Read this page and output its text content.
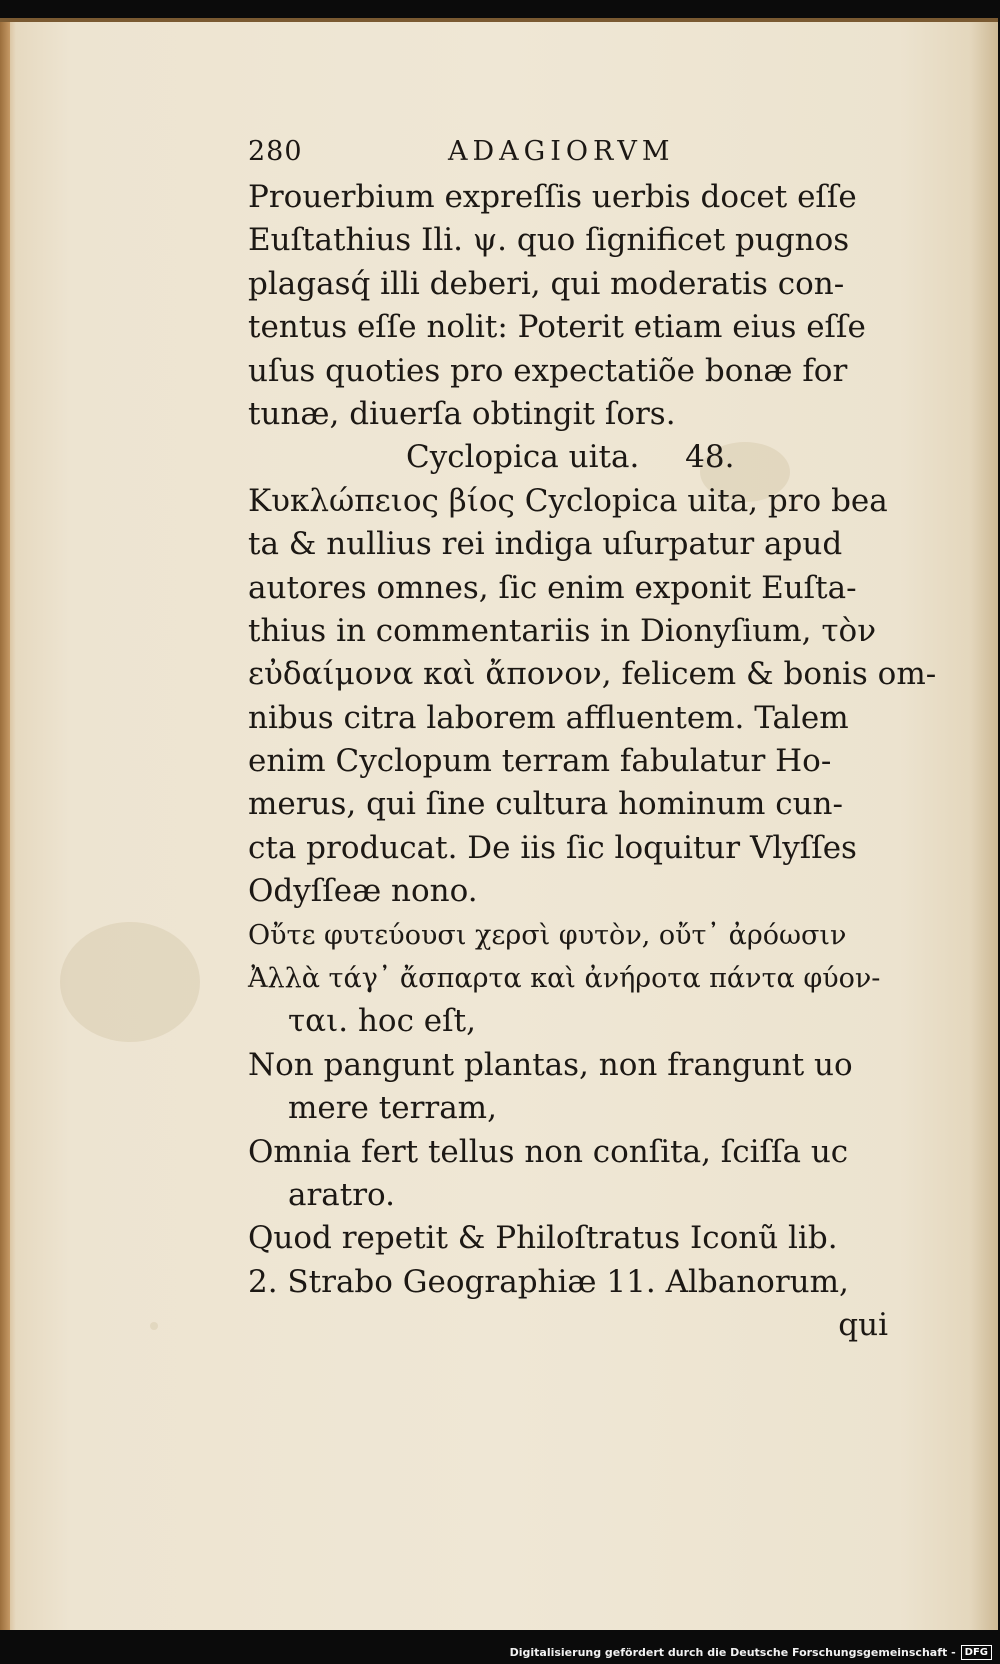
280	ADAGIORVM
Prouerbium expreſſis uerbis docet eſſe
Euſtathius Ili. ψ. quo ſignificet pugnos
plagasq́ illi deberi, qui moderatis con-
tentus eſſe nolit: Poterit etiam eius eſſe
uſus quoties pro expectatiõe bonæ for
tunæ, diuerſa obtingit ſors.
Cyclopica uita. 48.
Κυκλώπειος βίος Cyclopica uita, pro bea
ta & nullius rei indiga uſurpatur apud
autores omnes, ſic enim exponit Euſta-
thius in commentariis in Dionyſium, τὸν
εὐδαίμονα καὶ ἄπονον, felicem & bonis om-
nibus citra laborem affluentem. Talem
enim Cyclopum terram fabulatur Ho-
merus, qui ſine cultura hominum cun-
cta producat. De iis ſic loquitur Vlyſſes
Odyſſeæ nono.
Οὔτε φυτεύουσι χερσὶ φυτὸν, οὔτ᾽ ἀρόωσιν
Ἀλλὰ τάγ᾽ ἄσπαρτα καὶ ἀνήροτα πάντα φύον-
ται. hoc eſt,
Non pangunt plantas, non frangunt uo
mere terram,
Omnia fert tellus non conſita, ſciſſa uc
aratro.
Quod repetit & Philoſtratus Iconũ lib.
2. Strabo Geographiæ 11. Albanorum,
qui
Digitalisierung gefördert durch die Deutsche Forschungsgemeinschaft - DFG
